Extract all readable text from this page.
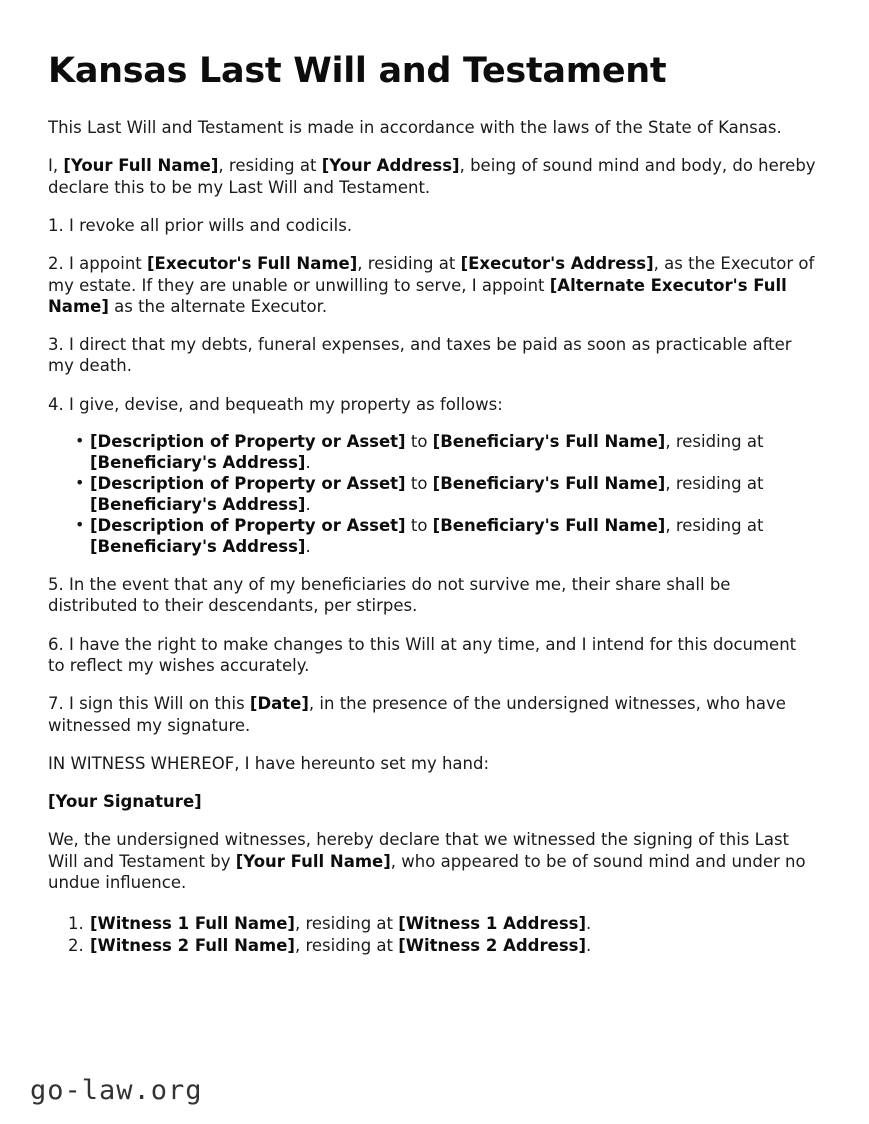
Kansas Last Will and Testament

This Last Will and Testament is made in accordance with the laws of the State of Kansas.

I, [Your Full Name], residing at [Your Address], being of sound mind and body, do hereby declare this to be my Last Will and Testament.

1. I revoke all prior wills and codicils.

2. I appoint [Executor's Full Name], residing at [Executor's Address], as the Executor of my estate. If they are unable or unwilling to serve, I appoint [Alternate Executor's Full Name] as the alternate Executor.

3. I direct that my debts, funeral expenses, and taxes be paid as soon as practicable after my death.

4. I give, devise, and bequeath my property as follows:

• [Description of Property or Asset] to [Beneficiary's Full Name], residing at [Beneficiary's Address].
• [Description of Property or Asset] to [Beneficiary's Full Name], residing at [Beneficiary's Address].
• [Description of Property or Asset] to [Beneficiary's Full Name], residing at [Beneficiary's Address].

5. In the event that any of my beneficiaries do not survive me, their share shall be distributed to their descendants, per stirpes.

6. I have the right to make changes to this Will at any time, and I intend for this document to reflect my wishes accurately.

7. I sign this Will on this [Date], in the presence of the undersigned witnesses, who have witnessed my signature.

IN WITNESS WHEREOF, I have hereunto set my hand:

[Your Signature]

We, the undersigned witnesses, hereby declare that we witnessed the signing of this Last Will and Testament by [Your Full Name], who appeared to be of sound mind and under no undue influence.

[Witness 1 Full Name], residing at [Witness 1 Address].
[Witness 2 Full Name], residing at [Witness 2 Address].
go-law.org
